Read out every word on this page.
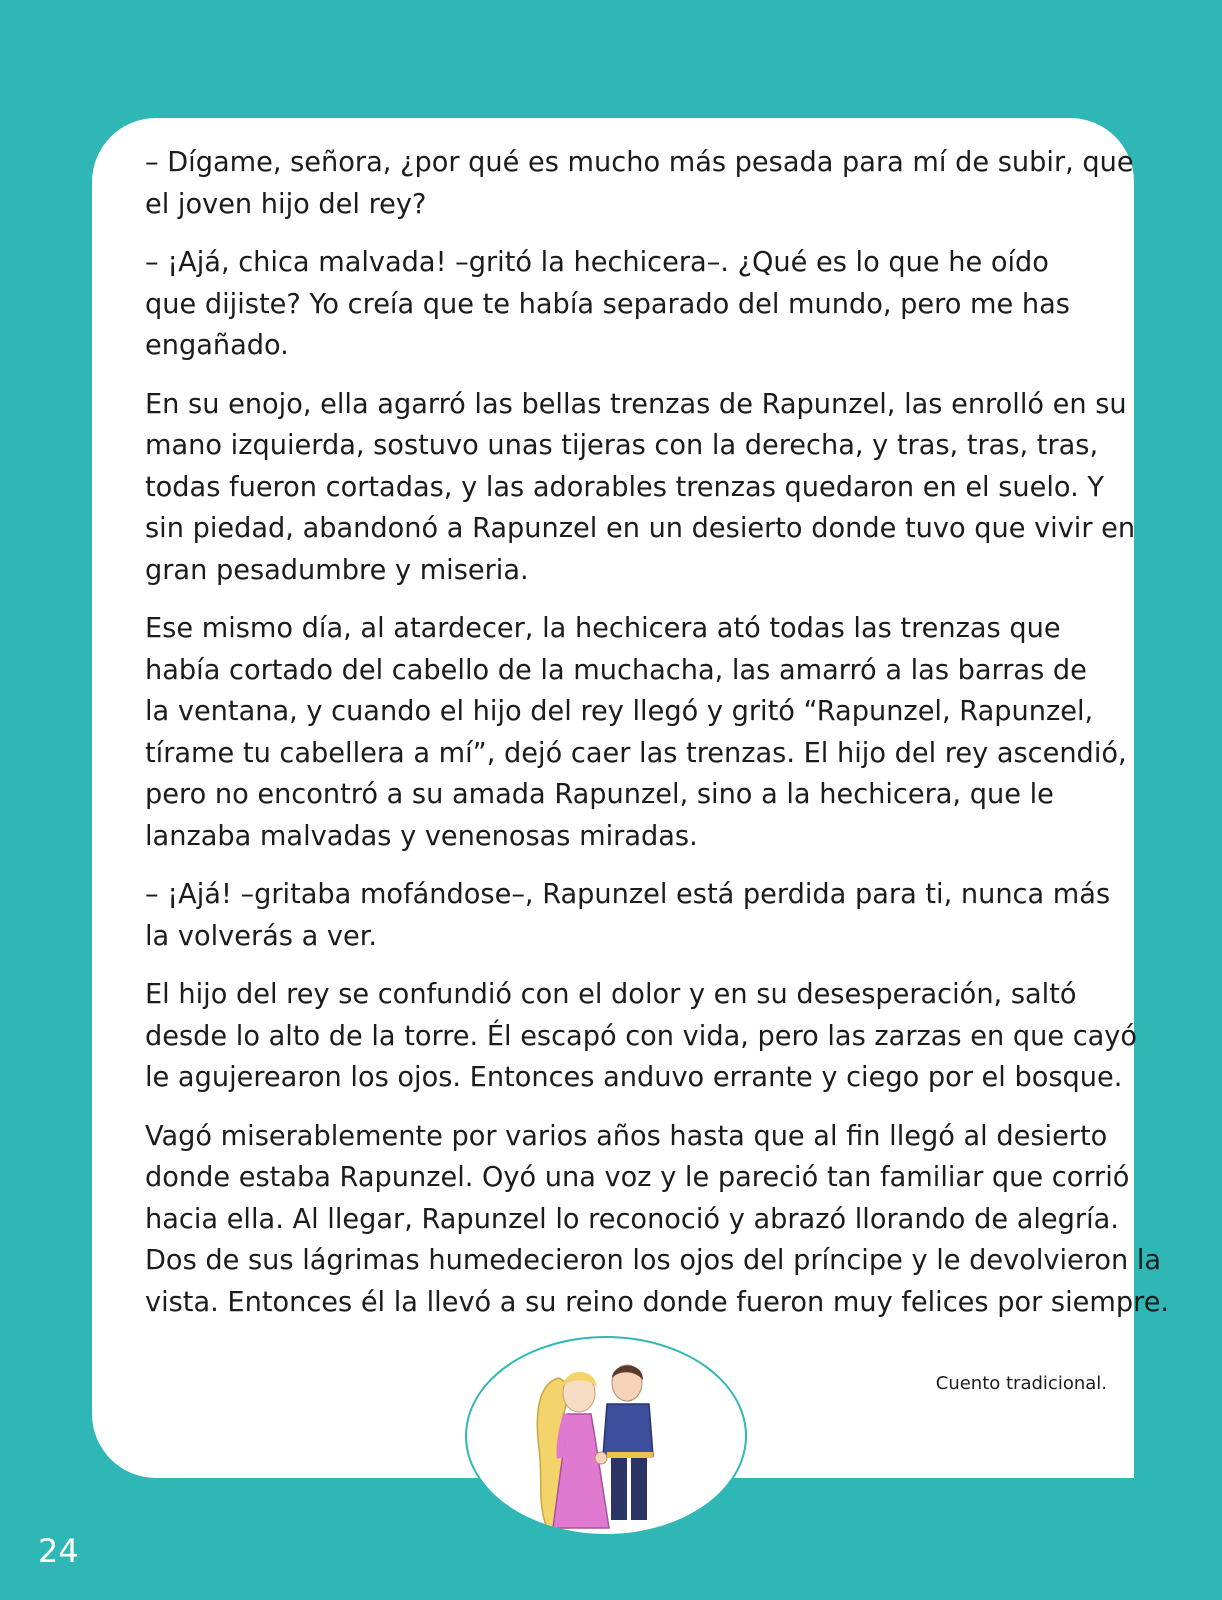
– Dígame, señora, ¿por qué es mucho más pesada para mí de subir, que
el joven hijo del rey?

– ¡Ajá, chica malvada! –gritó la hechicera–. ¿Qué es lo que he oído
que dijiste? Yo creía que te había separado del mundo, pero me has
engañado.

En su enojo, ella agarró las bellas trenzas de Rapunzel, las enrolló en su
mano izquierda, sostuvo unas tijeras con la derecha, y tras, tras, tras,
todas fueron cortadas, y las adorables trenzas quedaron en el suelo. Y
sin piedad, abandonó a Rapunzel en un desierto donde tuvo que vivir en
gran pesadumbre y miseria.

Ese mismo día, al atardecer, la hechicera ató todas las trenzas que
había cortado del cabello de la muchacha, las amarró a las barras de
la ventana, y cuando el hijo del rey llegó y gritó “Rapunzel, Rapunzel,
tírame tu cabellera a mí”, dejó caer las trenzas. El hijo del rey ascendió,
pero no encontró a su amada Rapunzel, sino a la hechicera, que le
lanzaba malvadas y venenosas miradas.

– ¡Ajá! –gritaba mofándose–, Rapunzel está perdida para ti, nunca más
la volverás a ver.

El hijo del rey se confundió con el dolor y en su desesperación, saltó
desde lo alto de la torre. Él escapó con vida, pero las zarzas en que cayó
le agujerearon los ojos. Entonces anduvo errante y ciego por el bosque.

Vagó miserablemente por varios años hasta que al fin llegó al desierto
donde estaba Rapunzel. Oyó una voz y le pareció tan familiar que corrió
hacia ella. Al llegar, Rapunzel lo reconoció y abrazó llorando de alegría.
Dos de sus lágrimas humedecieron los ojos del príncipe y le devolvieron la
vista. Entonces él la llevó a su reino donde fueron muy felices por siempre.

Cuento tradicional.
24
